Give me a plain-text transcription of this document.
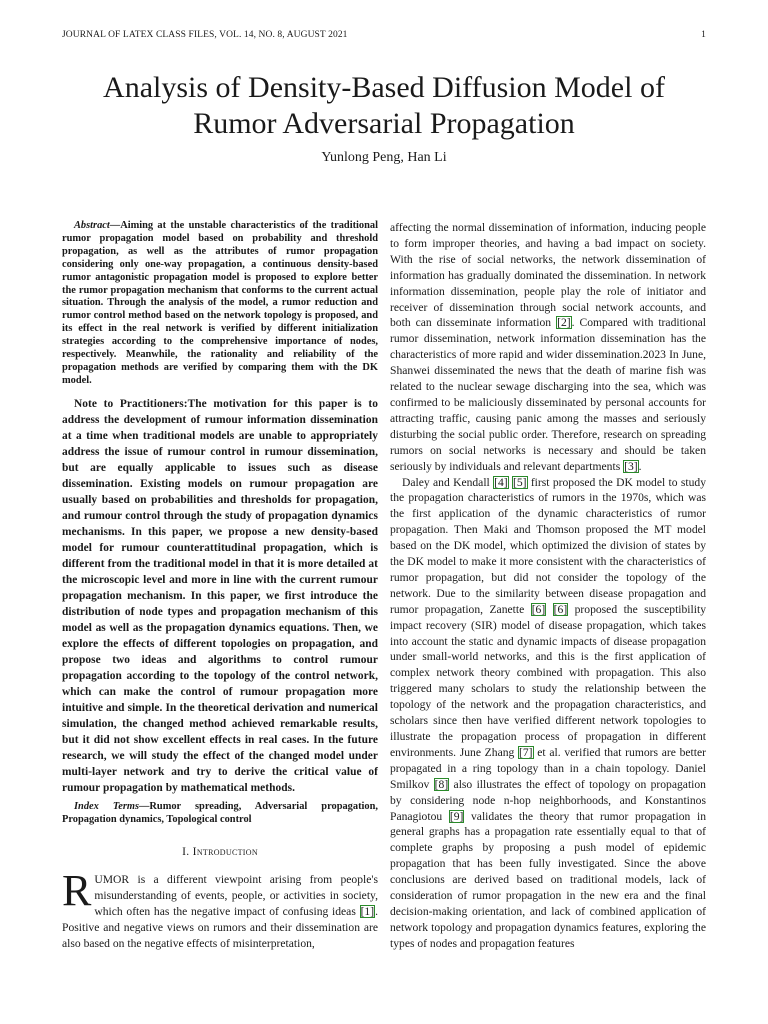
JOURNAL OF LATEX CLASS FILES, VOL. 14, NO. 8, AUGUST 2021	1
Analysis of Density-Based Diffusion Model of
Rumor Adversarial Propagation
Yunlong Peng, Han Li

Abstract—Aiming at the unstable characteristics of the traditional rumor propagation model based on probability and threshold propagation, as well as the attributes of rumor propagation considering only one-way propagation, a continuous density-based rumor antagonistic propagation model is proposed to explore better the rumor propagation mechanism that conforms to the current actual situation. Through the analysis of the model, a rumor reduction and rumor control method based on the network topology is proposed, and its effect in the real network is verified by different initialization strategies according to the comprehensive importance of nodes, respectively. Meanwhile, the rationality and reliability of the propagation methods are verified by comparing them with the DK model.

Note to Practitioners:The motivation for this paper is to address the development of rumour information dissemination at a time when traditional models are unable to appropriately address the issue of rumour control in rumour dissemination, but are equally applicable to issues such as disease dissemination. Existing models on rumour propagation are usually based on probabilities and thresholds for propagation, and rumour control through the study of propagation dynamics mechanisms. In this paper, we propose a new density-based model for rumour counterattitudinal propagation, which is different from the traditional model in that it is more detailed at the microscopic level and more in line with the current rumour propagation mechanism. In this paper, we first introduce the distribution of node types and propagation mechanism of this model as well as the propagation dynamics equations. Then, we explore the effects of different topologies on propagation, and propose two ideas and algorithms to control rumour propagation according to the topology of the control network, which can make the control of rumour propagation more intuitive and simple. In the theoretical derivation and numerical simulation, the changed method achieved remarkable results, but it did not show excellent effects in real cases. In the future research, we will study the effect of the changed model under multi-layer network and try to derive the critical value of rumour propagation by mathematical methods.

Index Terms—Rumor spreading, Adversarial propagation, Propagation dynamics, Topological control

I. Introduction

RUMOR is a different viewpoint arising from people's misunderstanding of events, people, or activities in society, which often has the negative impact of confusing ideas [1]. Positive and negative views on rumors and their dissemination are also based on the negative effects of misinterpretation,

affecting the normal dissemination of information, inducing people to form improper theories, and having a bad impact on society. With the rise of social networks, the network dissemination of information has gradually dominated the dissemination. In network information dissemination, people play the role of initiator and receiver of dissemination through social network accounts, and both can disseminate information [2]. Compared with traditional rumor dissemination, network information dissemination has the characteristics of more rapid and wider dissemination.2023 In June, Shanwei disseminated the news that the death of marine fish was related to the nuclear sewage discharging into the sea, which was confirmed to be maliciously disseminated by personal accounts for attracting traffic, causing panic among the masses and seriously disturbing the social public order. Therefore, research on spreading rumors on social networks is necessary and should be taken seriously by individuals and relevant departments [3].

Daley and Kendall [4] [5] first proposed the DK model to study the propagation characteristics of rumors in the 1970s, which was the first application of the dynamic characteristics of rumor propagation. Then Maki and Thomson proposed the MT model based on the DK model, which optimized the division of states by the DK model to make it more consistent with the characteristics of rumor propagation, but did not consider the topology of the network. Due to the similarity between disease propagation and rumor propagation, Zanette [6] [6] proposed the susceptibility impact recovery (SIR) model of disease propagation, which takes into account the static and dynamic impacts of disease propagation under small-world networks, and this is the first application of complex network theory combined with propagation. This also triggered many scholars to study the relationship between the topology of the network and the propagation characteristics, and scholars since then have verified different network topologies to illustrate the propagation process of propagation in different environments. June Zhang [7] et al. verified that rumors are better propagated in a ring topology than in a chain topology. Daniel Smilkov [8] also illustrates the effect of topology on propagation by considering node n-hop neighborhoods, and Konstantinos Panagiotou [9] validates the theory that rumor propagation in general graphs has a propagation rate essentially equal to that of complete graphs by proposing a push model of epidemic propagation that has been fully investigated. Since the above conclusions are derived based on traditional models, lack of consideration of rumor propagation in the new era and the final decision-making orientation, and lack of combined application of network topology and propagation dynamics features, exploring the types of nodes and propagation features
